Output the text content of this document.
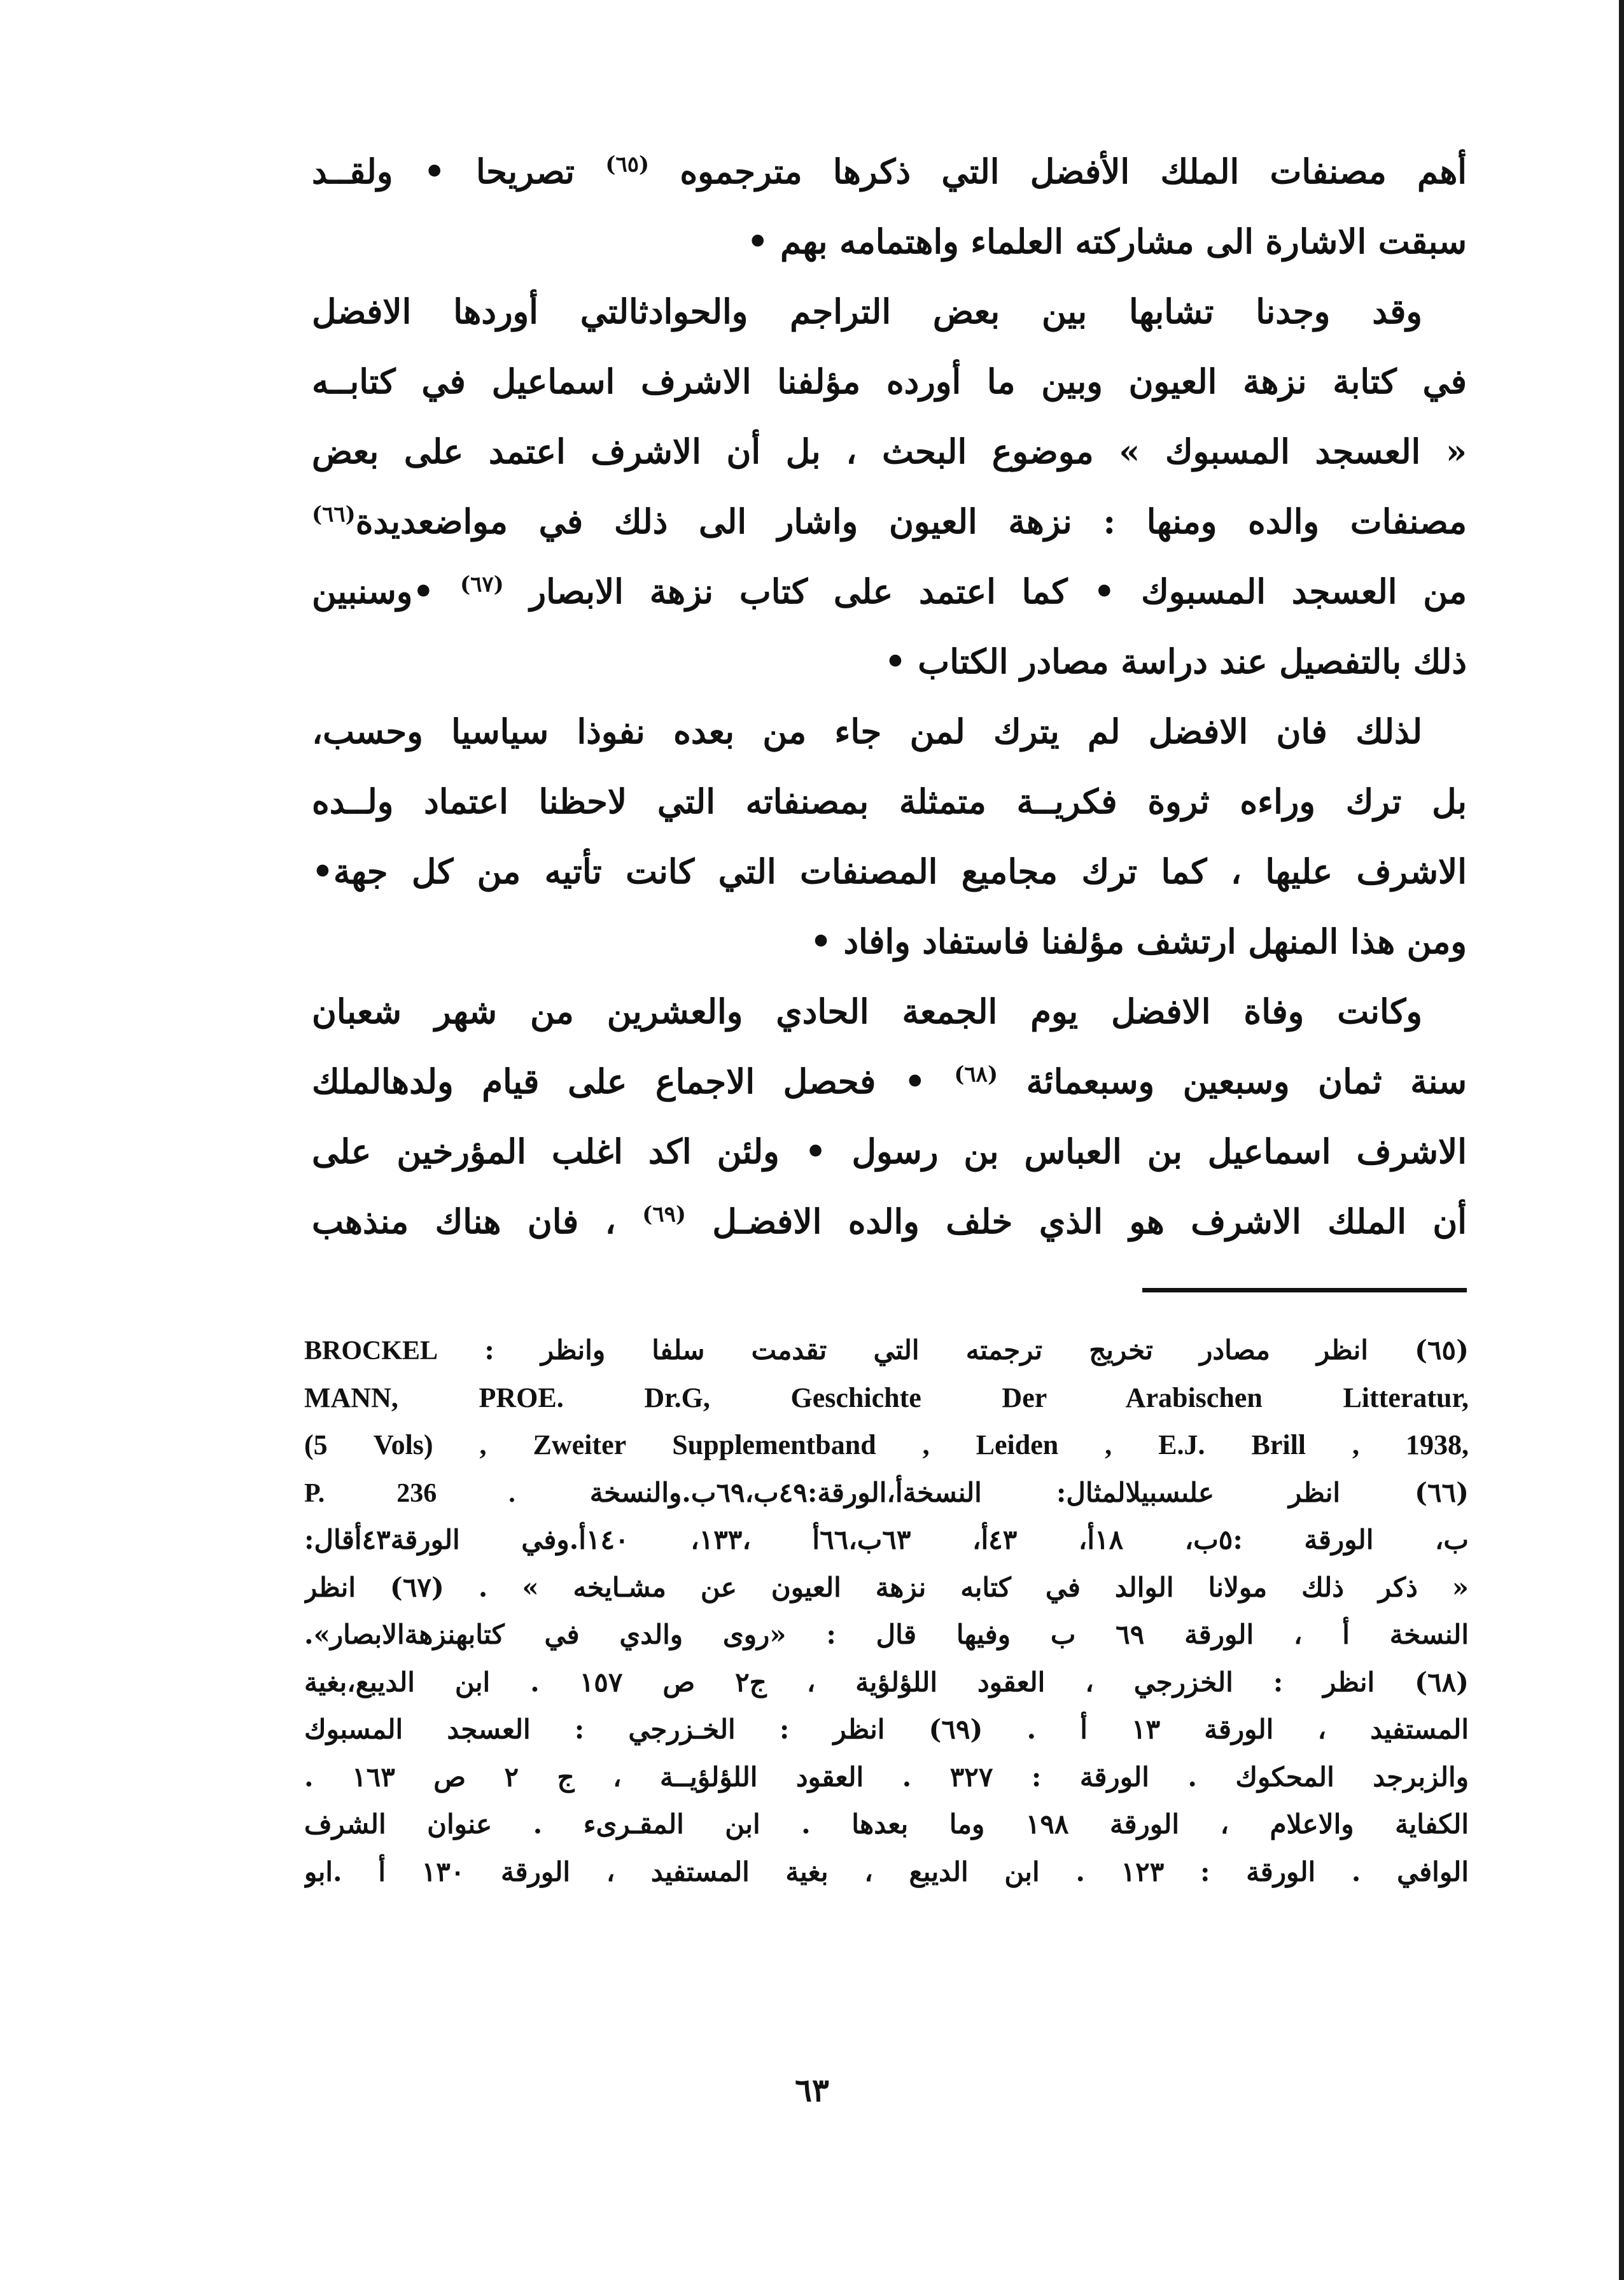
أهم مصنفات الملك الأفضل التي ذكرها مترجموه $^{(٦٥)}$ تصريحا • ولقــد
سبقت الاشارة الى مشاركته العلماء واهتمامه بهم •
وقد وجدنا تشابها بين بعض التراجم والحوادثالتي أوردها الافضل
في كتابة نزهة العيون وبين ما أورده مؤلفنا الاشرف اسماعيل في كتابــه
« العسجد المسبوك » موضوع البحث ، بل أن الاشرف اعتمد على بعض
مصنفات والده ومنها : نزهة العيون واشار الى ذلك في مواضعديدة$^{(٦٦)}$
من العسجد المسبوك • كما اعتمد على كتاب نزهة الابصار $^{(٦٧)}$ •وسنبين
ذلك بالتفصيل عند دراسة مصادر الكتاب •
لذلك فان الافضل لم يترك لمن جاء من بعده نفوذا سياسيا وحسب،
بل ترك وراءه ثروة فكريــة متمثلة بمصنفاته التي لاحظنا اعتماد ولــده
الاشرف عليها ، كما ترك مجاميع المصنفات التي كانت تأتيه من كل جهة•
ومن هذا المنهل ارتشف مؤلفنا فاستفاد وافاد •
وكانت وفاة الافضل يوم الجمعة الحادي والعشرين من شهر شعبان
سنة ثمان وسبعين وسبعمائة $^{(٦٨)}$ • فحصل الاجماع على قيام ولدهالملك
الاشرف اسماعيل بن العباس بن رسول • ولئن اكد اغلب المؤرخين على
أن الملك الاشرف هو الذي خلف والده الافضـل $^{(٦٩)}$ ، فان هناك منذهب
(٦٥) انظر مصادر تخريج ترجمته التي تقدمت سلفا وانظر : BROCKEL
MANN, PROE. Dr.G, Geschichte Der Arabischen Litteratur,
(5 Vols) , Zweiter Supplementband , Leiden , E.J. Brill , 1938,
(٦٦) انظر علىسبيلالمثال: النسخةأ،الورقة:٤٩ب،٦٩ب.والنسخة P. 236 .
ب، الورقة :٥ب، ١٨أ، ٤٣أ، ٦٣ب،٦٦أ ،١٣٣، ١٤٠أ.وفي الورقة٤٣أقال:
« ذكر ذلك مولانا الوالد في كتابه نزهة العيون عن مشـايخه » . (٦٧) انظر
النسخة أ ، الورقة ٦٩ ب وفيها قال : «روى والدي في كتابهنزهةالابصار».
(٦٨) انظر : الخزرجي ، العقود اللؤلؤية ، ج٢ ص ١٥٧ . ابن الديبع،بغية
المستفيد ، الورقة ١٣ أ . (٦٩) انظر : الخـزرجي : العسجد المسبوك
والزبرجد المحكوك . الورقة : ٣٢٧ . العقود اللؤلؤيــة ، ج ٢ ص ١٦٣ .
الكفاية والاعلام ، الورقة ١٩٨ وما بعدها . ابن المقـرىء . عنوان الشرف
الوافي . الورقة : ١٢٣ . ابن الديبع ، بغية المستفيد ، الورقة ١٣٠ أ .ابو
٦٣
